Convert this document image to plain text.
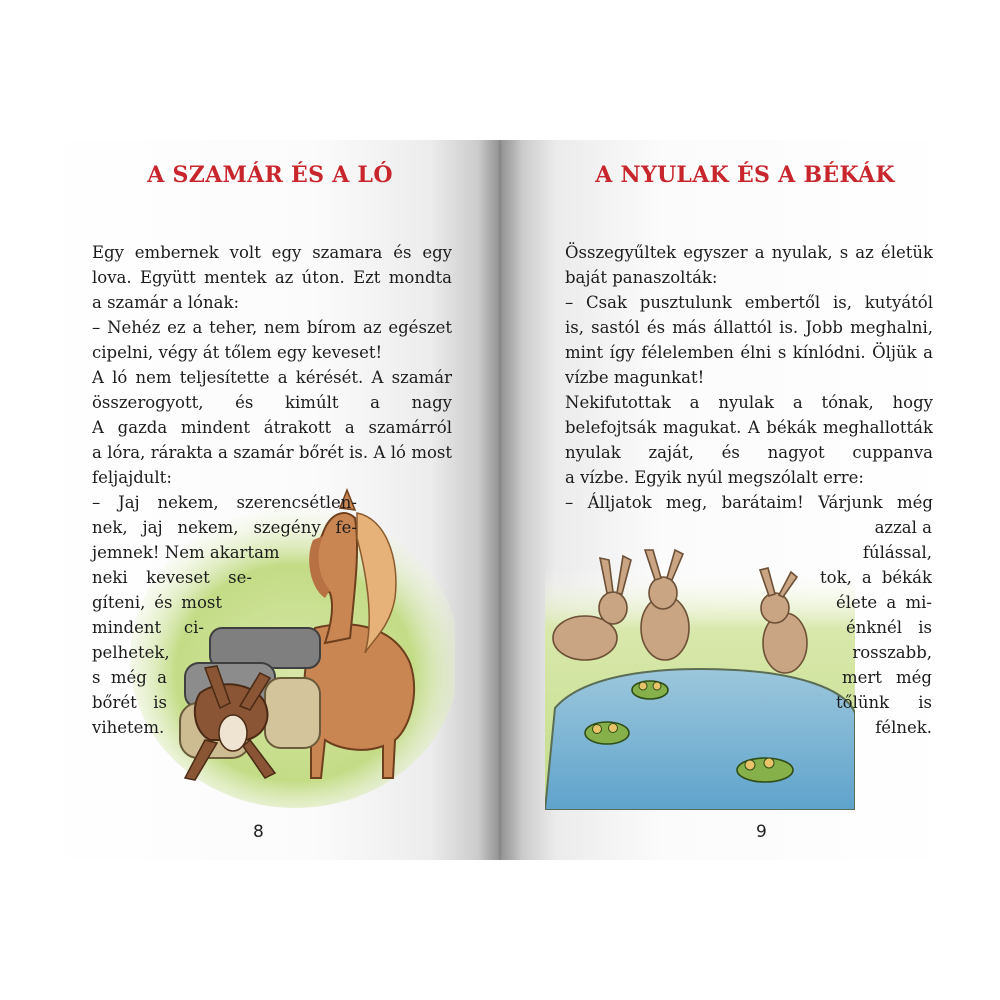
A SZAMÁR ÉS A LÓ
Egy embernek volt egy szamara és egy
lova. Együtt mentek az úton. Ezt mondta
a szamár a lónak:
– Nehéz ez a teher, nem bírom az egészet
cipelni, végy át tőlem egy keveset!
A ló nem teljesítette a kérését. A szamár
összerogyott, és kimúlt a nagy
A gazda mindent átrakott a szamárról
a lóra, rárakta a szamár bőrét is. A ló most
feljajdult:
– Jaj nekem, szerencsétlen-
nek, jaj nekem, szegény fe-
jemnek! Nem akartam
neki keveset se-
gíteni, és most
mindent ci-
pelhetek,
s még a
bőrét is
vihetem.
8
A NYULAK ÉS A BÉKÁK
Összegyűltek egyszer a nyulak, s az életük
baját panaszolták:
– Csak pusztulunk embertől is, kutyától
is, sastól és más állattól is. Jobb meghalni,
mint így félelemben élni s kínlódni. Öljük a
vízbe magunkat!
Nekifutottak a nyulak a tónak, hogy
belefojtsák magukat. A békák meghallották
nyulak zaját, és nagyot cuppanva
a vízbe. Egyik nyúl megszólalt erre:
– Álljatok meg, barátaim! Várjunk még
azzal a
fúlással,
tok, a békák
élete a mi-
énknél is
rosszabb,
mert még
tőlünk is
félnek.
9
